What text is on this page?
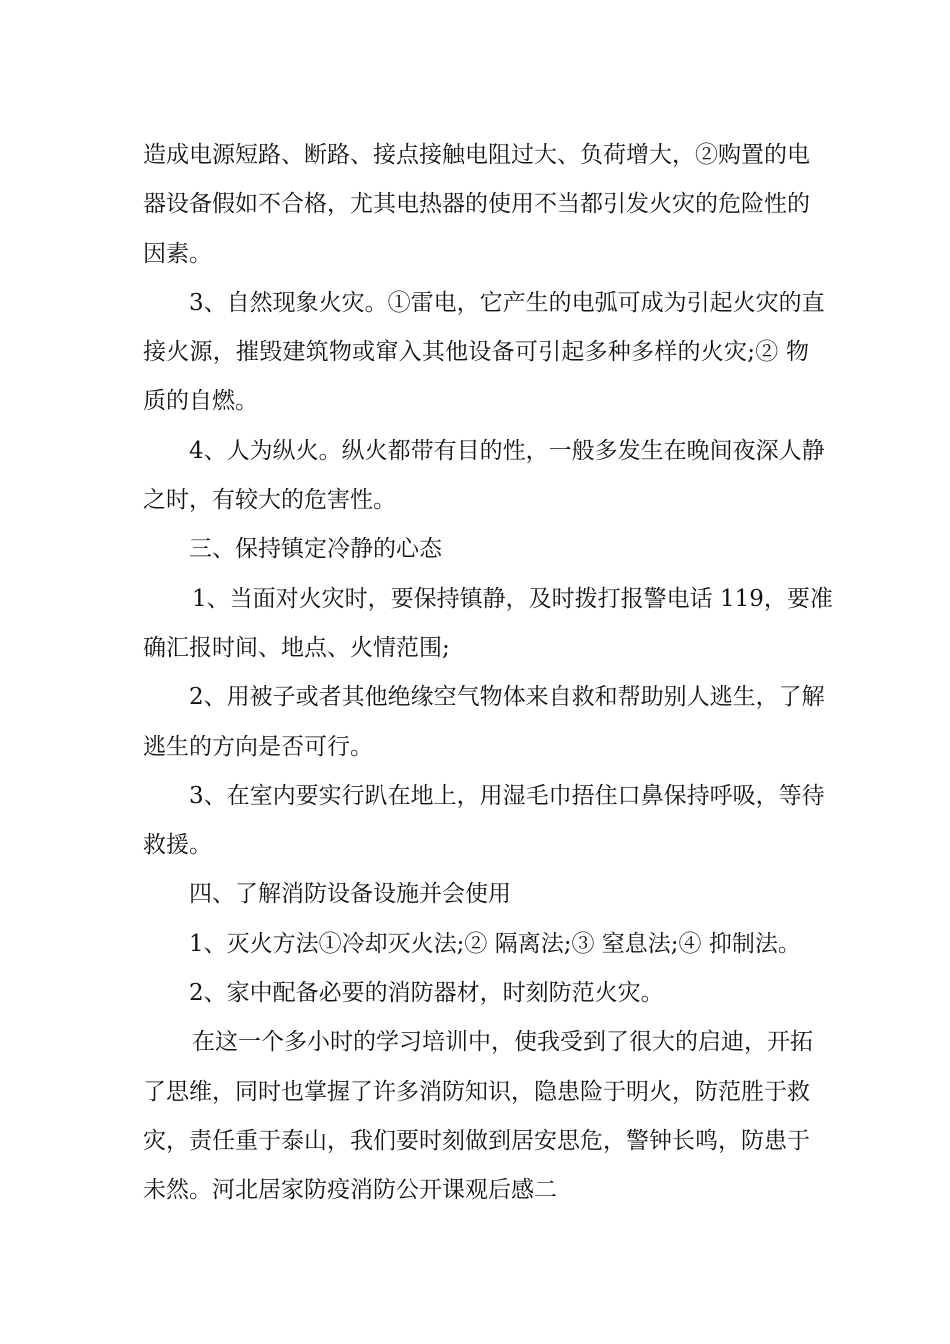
造成电源短路、断路、接点接触电阻过大、负荷增大，②购置的电
器设备假如不合格，尤其电热器的使用不当都引发火灾的危险性的
因素。
3、自然现象火灾。①雷电，它产生的电弧可成为引起火灾的直
接火源，摧毁建筑物或窜入其他设备可引起多种多样的火灾;② 物
质的自燃。
4、人为纵火。纵火都带有目的性，一般多发生在晚间夜深人静
之时，有较大的危害性。
三、保持镇定冷静的心态
1、当面对火灾时，要保持镇静，及时拨打报警电话 119，要准
确汇报时间、地点、火情范围;
2、用被子或者其他绝缘空气物体来自救和帮助别人逃生，了解
逃生的方向是否可行。
3、在室内要实行趴在地上，用湿毛巾捂住口鼻保持呼吸，等待
救援。
四、了解消防设备设施并会使用
1、灭火方法①冷却灭火法;② 隔离法;③ 窒息法;④ 抑制法。
2、家中配备必要的消防器材，时刻防范火灾。
在这一个多小时的学习培训中，使我受到了很大的启迪，开拓
了思维，同时也掌握了许多消防知识，隐患险于明火，防范胜于救
灾，责任重于泰山，我们要时刻做到居安思危，警钟长鸣，防患于
未然。河北居家防疫消防公开课观后感二
